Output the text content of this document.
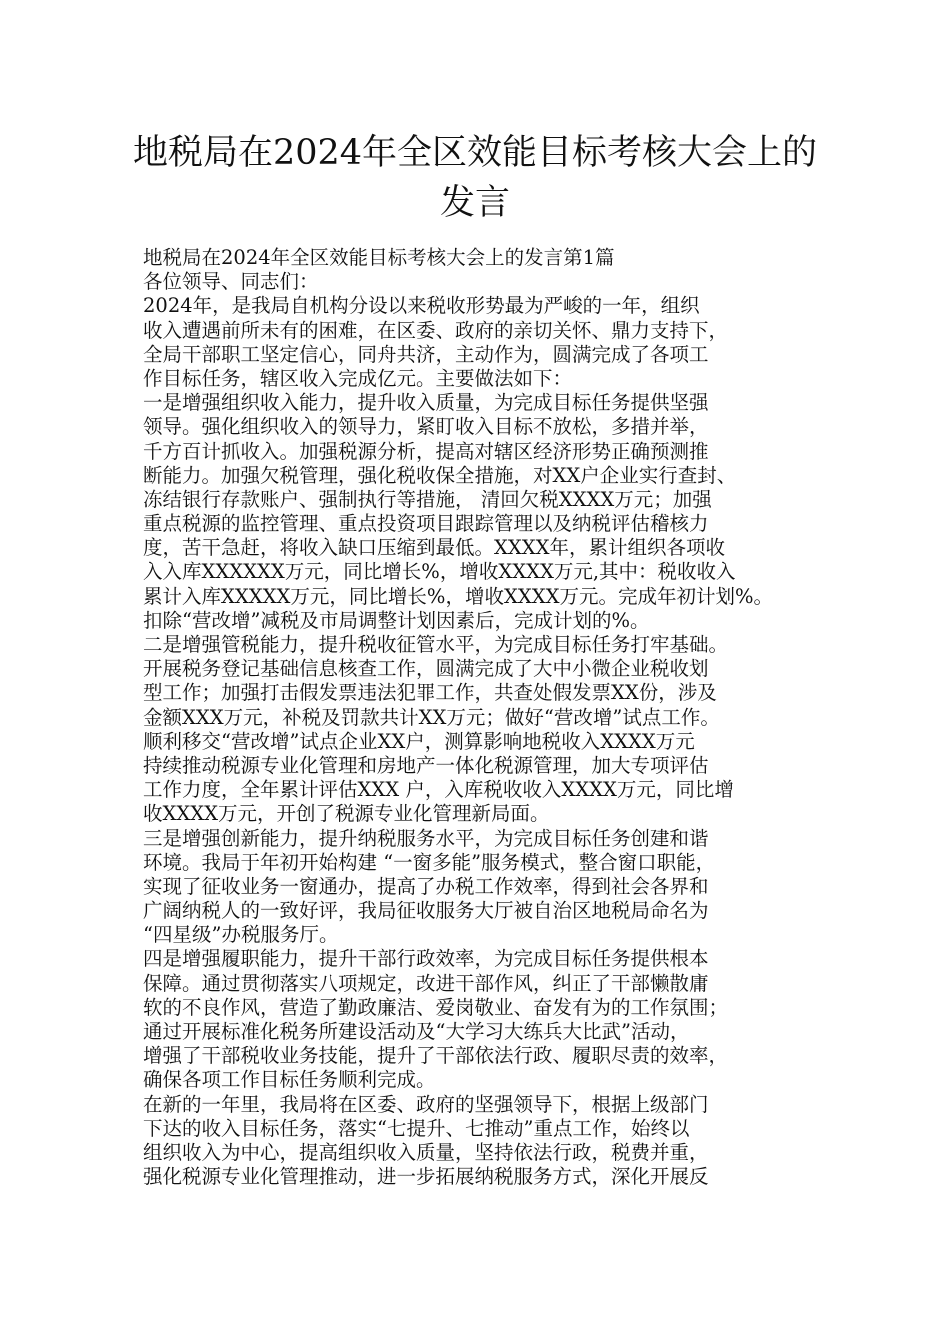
地税局在2024年全区效能目标考核大会上的发言
地税局在2024年全区效能目标考核大会上的发言第1篇
各位领导、同志们：
2024年，是我局自机构分设以来税收形势最为严峻的一年，组织
收入遭遇前所未有的困难，在区委、政府的亲切关怀、鼎力支持下，
全局干部职工坚定信心，同舟共济，主动作为，圆满完成了各项工
作目标任务，辖区收入完成亿元。主要做法如下：
一是增强组织收入能力，提升收入质量，为完成目标任务提供坚强
领导。强化组织收入的领导力，紧盯收入目标不放松，多措并举，
千方百计抓收入。加强税源分析，提高对辖区经济形势正确预测推
断能力。加强欠税管理，强化税收保全措施，对XX户企业实行查封、
冻结银行存款账户、强制执行等措施， 清回欠税XXXX万元；加强
重点税源的监控管理、重点投资项目跟踪管理以及纳税评估稽核力
度，苦干急赶，将收入缺口压缩到最低。XXXX年，累计组织各项收
入入库XXXXXX万元，同比增长%，增收XXXX万元,其中：税收收入
累计入库XXXXX万元，同比增长%，增收XXXX万元。完成年初计划%。
扣除“营改增”减税及市局调整计划因素后，完成计划的%。
二是增强管税能力，提升税收征管水平，为完成目标任务打牢基础。
开展税务登记基础信息核查工作，圆满完成了大中小微企业税收划
型工作；加强打击假发票违法犯罪工作，共查处假发票XX份，涉及
金额XXX万元，补税及罚款共计XX万元；做好“营改增”试点工作。
顺利移交“营改增”试点企业XX户，测算影响地税收入XXXX万元
持续推动税源专业化管理和房地产一体化税源管理，加大专项评估
工作力度，全年累计评估XXX 户，入库税收收入XXXX万元，同比增
收XXXX万元，开创了税源专业化管理新局面。
三是增强创新能力，提升纳税服务水平，为完成目标任务创建和谐
环境。我局于年初开始构建 “一窗多能”服务模式，整合窗口职能，
实现了征收业务一窗通办，提高了办税工作效率，得到社会各界和
广阔纳税人的一致好评，我局征收服务大厅被自治区地税局命名为
“四星级”办税服务厅。
四是增强履职能力，提升干部行政效率，为完成目标任务提供根本
保障。通过贯彻落实八项规定，改进干部作风，纠正了干部懒散庸
软的不良作风，营造了勤政廉洁、爱岗敬业、奋发有为的工作氛围；
通过开展标准化税务所建设活动及“大学习大练兵大比武”活动，
增强了干部税收业务技能，提升了干部依法行政、履职尽责的效率，
确保各项工作目标任务顺利完成。
在新的一年里，我局将在区委、政府的坚强领导下，根据上级部门
下达的收入目标任务，落实“七提升、七推动”重点工作，始终以
组织收入为中心，提高组织收入质量，坚持依法行政，税费并重，
强化税源专业化管理推动，进一步拓展纳税服务方式，深化开展反
